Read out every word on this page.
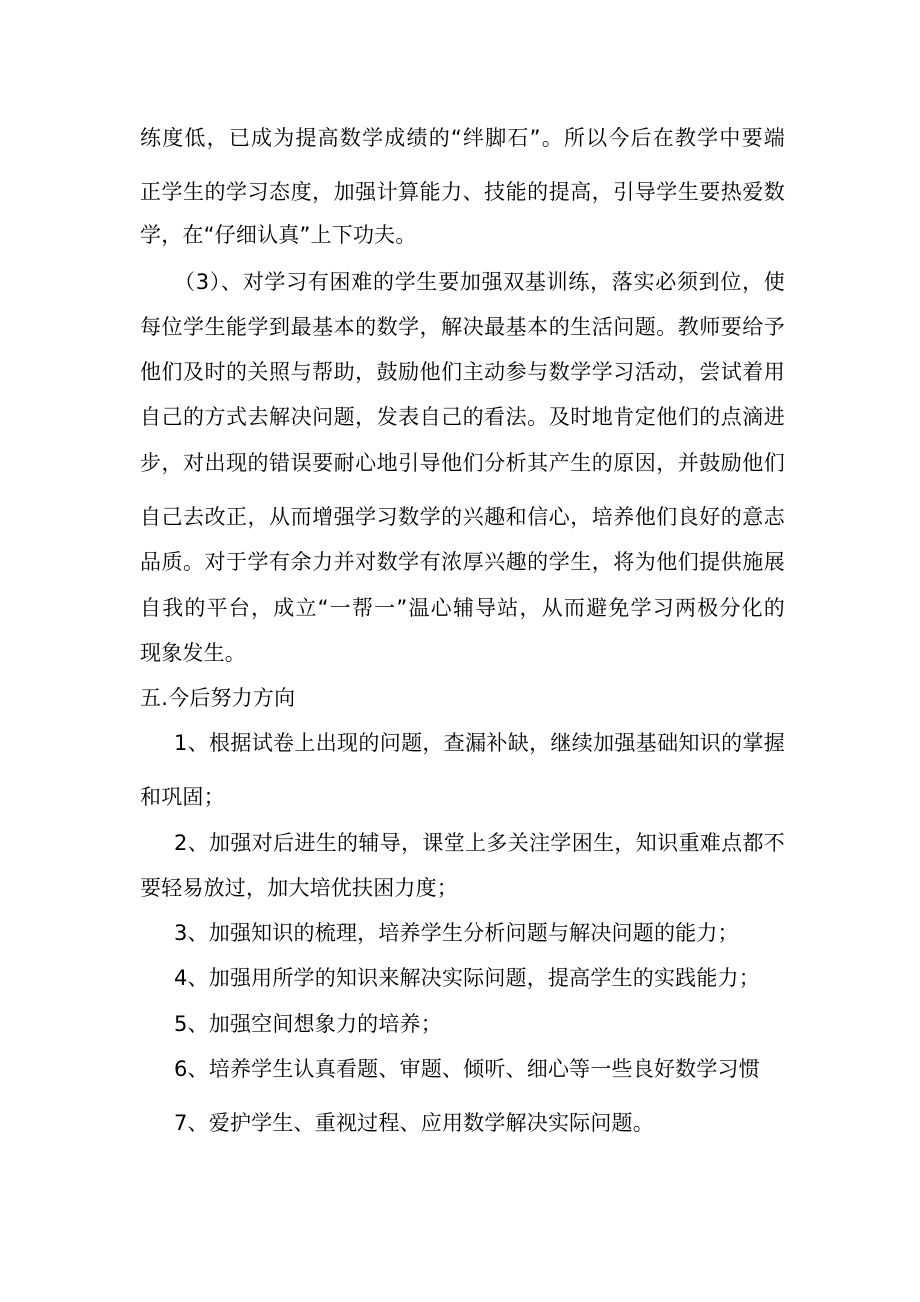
练度低，已成为提高数学成绩的“绊脚石”。所以今后在教学中要端
正学生的学习态度，加强计算能力、技能的提高，引导学生要热爱数
学，在“仔细认真”上下功夫。
（3）、对学习有困难的学生要加强双基训练，落实必须到位，使
每位学生能学到最基本的数学，解决最基本的生活问题。教师要给予
他们及时的关照与帮助，鼓励他们主动参与数学学习活动，尝试着用
自己的方式去解决问题，发表自己的看法。及时地肯定他们的点滴进
步，对出现的错误要耐心地引导他们分析其产生的原因，并鼓励他们
自己去改正，从而增强学习数学的兴趣和信心，培养他们良好的意志
品质。对于学有余力并对数学有浓厚兴趣的学生，将为他们提供施展
自我的平台，成立“一帮一”温心辅导站，从而避免学习两极分化的
现象发生。
五.今后努力方向
1、根据试卷上出现的问题，查漏补缺，继续加强基础知识的掌握
和巩固；
2、加强对后进生的辅导，课堂上多关注学困生，知识重难点都不
要轻易放过，加大培优扶困力度；
3、加强知识的梳理，培养学生分析问题与解决问题的能力；
4、加强用所学的知识来解决实际问题，提高学生的实践能力；
5、加强空间想象力的培养；
6、培养学生认真看题、审题、倾听、细心等一些良好数学习惯
7、爱护学生、重视过程、应用数学解决实际问题。
